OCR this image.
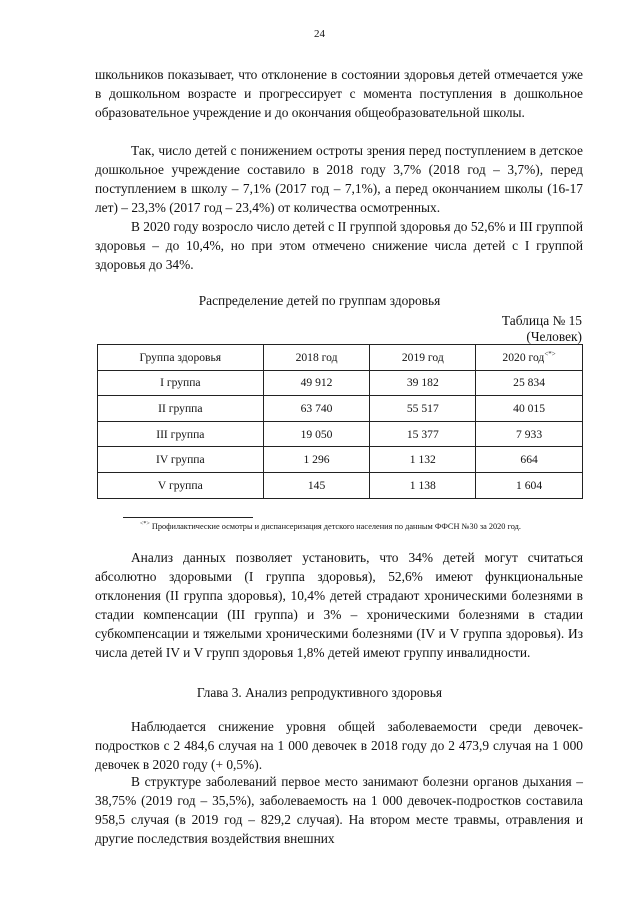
24

школьников показывает, что отклонение в состоянии здоровья детей отмечается уже в дошкольном возрасте и прогрессирует с момента поступления в дошкольное образовательное учреждение и до окончания общеобразовательной школы.

Так, число детей с понижением остроты зрения перед поступлением в детское дошкольное учреждение составило в 2018 году 3,7% (2018 год – 3,7%), перед поступлением в школу – 7,1% (2017 год – 7,1%), а перед окончанием школы (16-17 лет) – 23,3% (2017 год – 23,4%) от количества осмотренных.

В 2020 году возросло число детей с II группой здоровья до 52,6% и III группой здоровья – до 10,4%, но при этом отмечено снижение числа детей с I группой здоровья до 34%.

Распределение детей по группам здоровья
Таблица № 15
(Человек)
Группа здоровья	2018 год	2019 год	2020 год<*>
I группа	49 912	39 182	25 834
II группа	63 740	55 517	40 015
III группа	19 050	15 377	7 933
IV группа	1 296	1 132	664
V группа	145	1 138	1 604
<*> Профилактические осмотры и диспансеризация детского населения по данным ФФСН №30 за 2020 год.

Анализ данных позволяет установить, что 34% детей могут считаться абсолютно здоровыми (I группа здоровья), 52,6% имеют функциональные отклонения (II группа здоровья), 10,4% детей страдают хроническими болезнями в стадии компенсации (III группа) и 3% – хроническими болезнями в стадии субкомпенсации и тяжелыми хроническими болезнями (IV и V группа здоровья). Из числа детей IV и V групп здоровья 1,8% детей имеют группу инвалидности.

Глава 3. Анализ репродуктивного здоровья

Наблюдается снижение уровня общей заболеваемости среди девочек-подростков с 2 484,6 случая на 1 000 девочек в 2018 году до 2 473,9 случая на 1 000 девочек в 2020 году (+ 0,5%).

В структуре заболеваний первое место занимают болезни органов дыхания – 38,75% (2019 год – 35,5%), заболеваемость на 1 000 девочек-подростков составила 958,5 случая (в 2019 год – 829,2 случая). На втором месте травмы, отравления и другие последствия воздействия внешних
